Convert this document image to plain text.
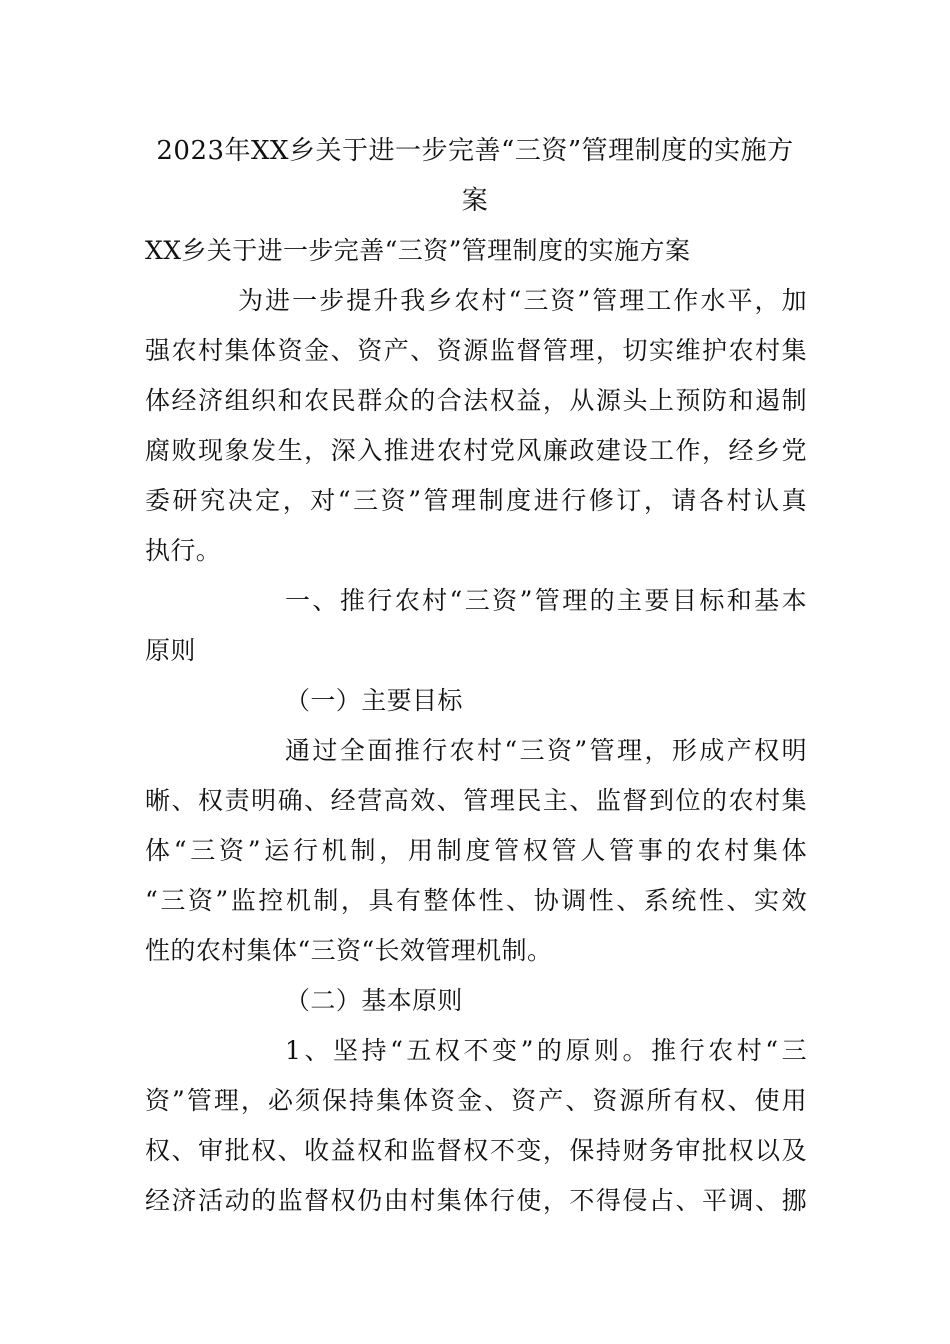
2023年XX乡关于进一步完善“三资”管理制度的实施方
案
XX乡关于进一步完善“三资”管理制度的实施方案
为进一步提升我乡农村“三资”管理工作水平，加
强农村集体资金、资产、资源监督管理，切实维护农村集
体经济组织和农民群众的合法权益，从源头上预防和遏制
腐败现象发生，深入推进农村党风廉政建设工作，经乡党
委研究决定，对“三资”管理制度进行修订，请各村认真
执行。
一、推行农村“三资”管理的主要目标和基本
原则
（一）主要目标
通过全面推行农村“三资”管理，形成产权明
晰、权责明确、经营高效、管理民主、监督到位的农村集
体“三资”运行机制，用制度管权管人管事的农村集体
“三资”监控机制，具有整体性、协调性、系统性、实效
性的农村集体“三资“长效管理机制。
（二）基本原则
1、坚持“五权不变”的原则。推行农村“三
资”管理，必须保持集体资金、资产、资源所有权、使用
权、审批权、收益权和监督权不变，保持财务审批权以及
经济活动的监督权仍由村集体行使，不得侵占、平调、挪
